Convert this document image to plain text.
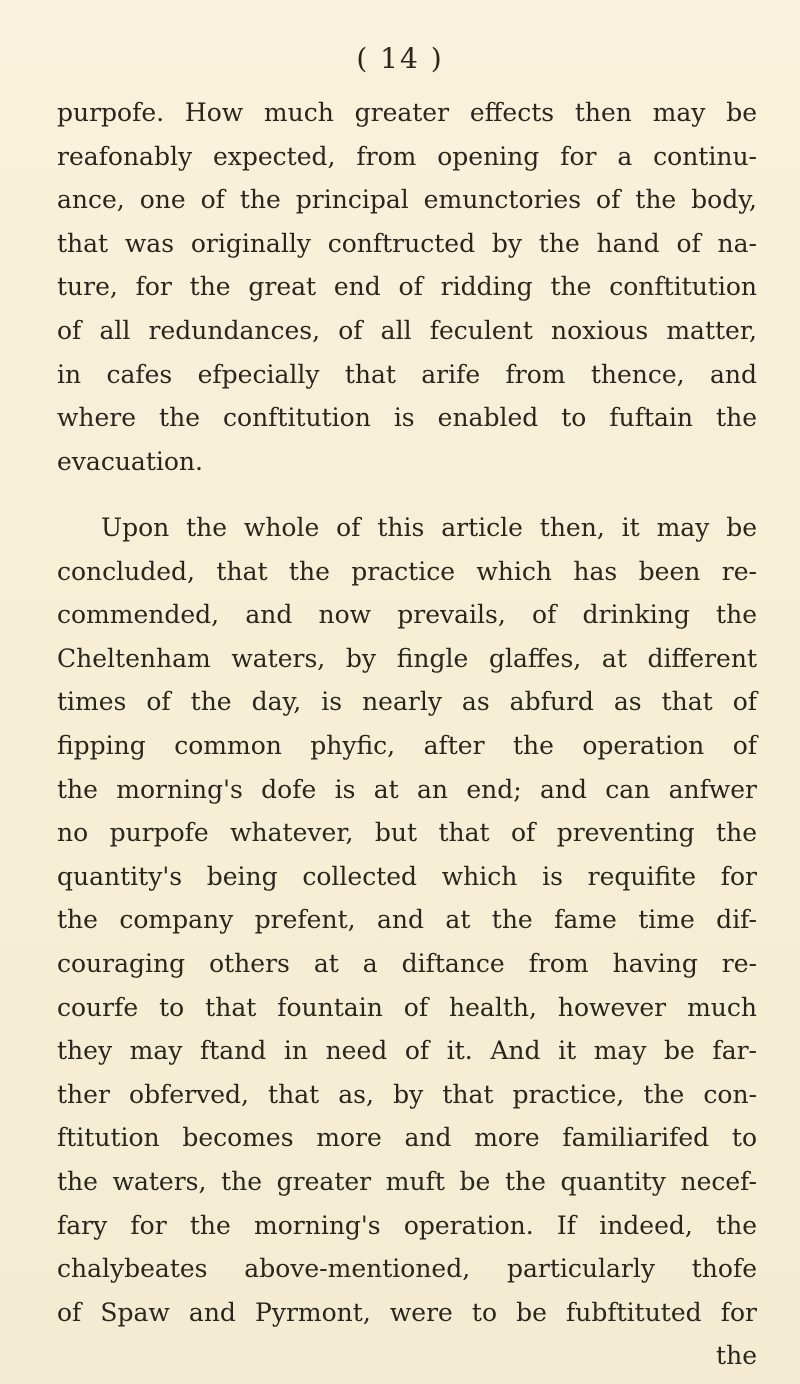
( 14 )
purpofe. How much greater effects then may be
reafonably expected, from opening for a continu-
ance, one of the principal emunctories of the body,
that was originally conftructed by the hand of na-
ture, for the great end of ridding the conftitution
of all redundances, of all feculent noxious matter,
in cafes efpecially that arife from thence, and
where the conftitution is enabled to fuftain the
evacuation.
Upon the whole of this article then, it may be
concluded, that the practice which has been re-
commended, and now prevails, of drinking the
Cheltenham waters, by fingle glaffes, at different
times of the day, is nearly as abfurd as that of
fipping common phyfic, after the operation of
the morning's dofe is at an end; and can anfwer
no purpofe whatever, but that of preventing the
quantity's being collected which is requifite for
the company prefent, and at the fame time dif-
couraging others at a diftance from having re-
courfe to that fountain of health, however much
they may ftand in need of it. And it may be far-
ther obferved, that as, by that practice, the con-
ftitution becomes more and more familiarifed to
the waters, the greater muft be the quantity necef-
fary for the morning's operation. If indeed, the
chalybeates above-mentioned, particularly thofe
of Spaw and Pyrmont, were to be fubftituted for
the
